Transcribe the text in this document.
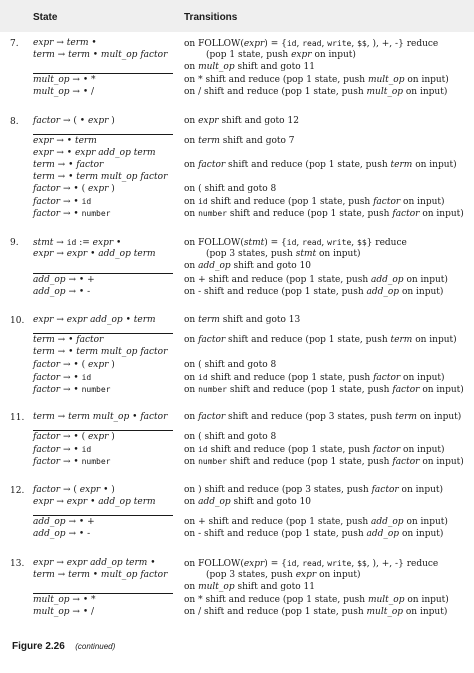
State	Transitions
7. expr → term •
term → term • mult_op factor
mult_op → • *
mult_op → • /
on FOLLOW(expr) = {id, read, write, $$, ), +, -} reduce
(pop 1 state, push expr on input)
on mult_op shift and goto 11
on * shift and reduce (pop 1 state, push mult_op on input)
on / shift and reduce (pop 1 state, push mult_op on input)
8. factor → ( • expr )
expr → • term
expr → • expr add_op term
term → • factor
term → • term mult_op factor
factor → • ( expr )
factor → • id
factor → • number
on expr shift and goto 12
on term shift and goto 7
on factor shift and reduce (pop 1 state, push term on input)
on ( shift and goto 8
on id shift and reduce (pop 1 state, push factor on input)
on number shift and reduce (pop 1 state, push factor on input)
9. stmt → id := expr •
expr → expr • add_op term
add_op → • +
add_op → • -
on FOLLOW(stmt) = {id, read, write, $$} reduce
(pop 3 states, push stmt on input)
on add_op shift and goto 10
on + shift and reduce (pop 1 state, push add_op on input)
on - shift and reduce (pop 1 state, push add_op on input)
10. expr → expr add_op • term
term → • factor
term → • term mult_op factor
factor → • ( expr )
factor → • id
factor → • number
on term shift and goto 13
on factor shift and reduce (pop 1 state, push term on input)
on ( shift and goto 8
on id shift and reduce (pop 1 state, push factor on input)
on number shift and reduce (pop 1 state, push factor on input)
11. term → term mult_op • factor
factor → • ( expr )
factor → • id
factor → • number
on factor shift and reduce (pop 3 states, push term on input)
on ( shift and goto 8
on id shift and reduce (pop 1 state, push factor on input)
on number shift and reduce (pop 1 state, push factor on input)
12. factor → ( expr • )
expr → expr • add_op term
add_op → • +
add_op → • -
on ) shift and reduce (pop 3 states, push factor on input)
on add_op shift and goto 10
on + shift and reduce (pop 1 state, push add_op on input)
on - shift and reduce (pop 1 state, push add_op on input)
13. expr → expr add_op term •
term → term • mult_op factor
mult_op → • *
mult_op → • /
on FOLLOW(expr) = {id, read, write, $$, ), +, -} reduce
(pop 3 states, push expr on input)
on mult_op shift and goto 11
on * shift and reduce (pop 1 state, push mult_op on input)
on / shift and reduce (pop 1 state, push mult_op on input)
Figure 2.26 (continued)
